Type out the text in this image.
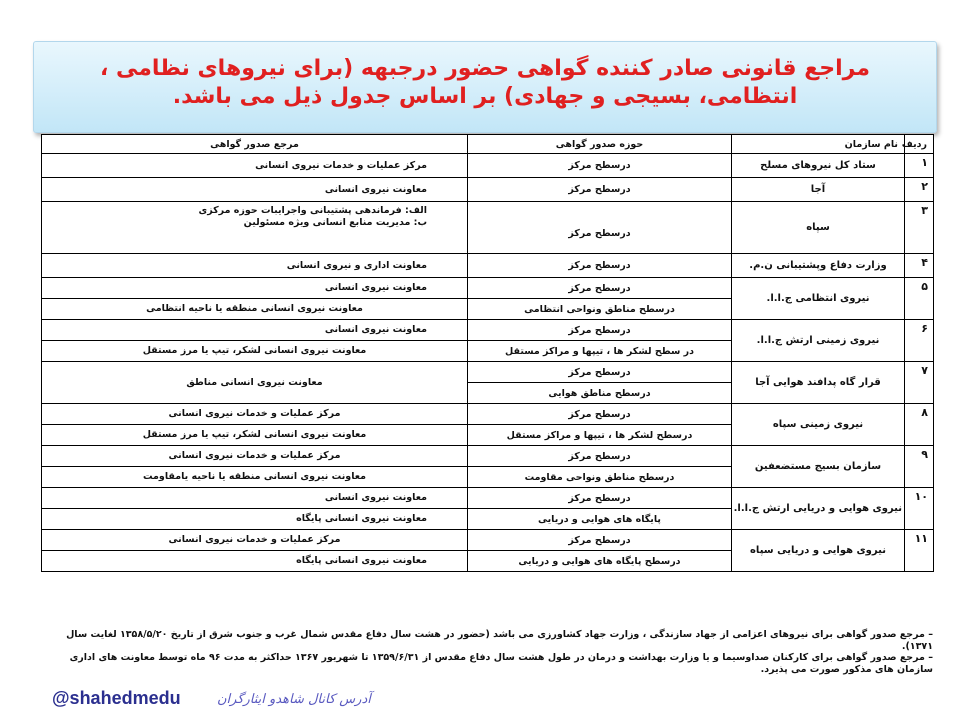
مراجع قانونی صادر کننده گواهی حضور درجبهه (برای نیروهای نظامی ،
انتظامی، بسیجی و جهادی) بر اساس جدول ذیل می باشد.
ردیف	نام سازمان	حوزه صدور گواهی	مرجع صدور گواهی
۱	ستاد کل نیروهای مسلح	درسطح مرکز	مرکز عملیات و خدمات نیروی انسانی
۲	آجا	درسطح مرکز	معاونت نیروی انسانی
۳	سپاه	درسطح مرکز	الف: فرماندهی پشتیبانی واجرایبات حوزه مرکزی
ب: مدیریت منابع انسانی ویژه مسئولین

۴	وزارت دفاع وپشتیبانی ن.م.	درسطح مرکز	معاونت اداری و نیروی انسانی
۵	نیروی انتظامی ج.ا.ا.	درسطح مرکز	معاونت نیروی انسانی
		درسطح مناطق ونواحی انتظامی	معاونت نیروی انسانی منطقه یا ناحیه انتظامی
۶	نیروی زمینی ارتش ج.ا.ا.	درسطح مرکز	معاونت نیروی انسانی
		در سطح لشکر ها ، تیپها و مراکز مستقل	معاونت نیروی انسانی لشکر، تیپ یا مرز مستقل
۷	قرار گاه پدافند هوایی آجا	درسطح مرکز	معاونت نیروی انسانی مناطق
		درسطح مناطق هوایی	
۸	نیروی زمینی سپاه	درسطح مرکز	مرکز عملیات و خدمات نیروی انسانی
		درسطح لشکر ها ، تیپها و مراکز مستقل	معاونت نیروی انسانی لشکر، تیپ یا مرز مستقل
۹	سازمان بسیج مستضعفین	درسطح مرکز	مرکز عملیات و خدمات نیروی انسانی
		درسطح مناطق ونواحی مقاومت	معاونت نیروی انسانی منطقه یا ناحیه یامقاومت
۱۰	نیروی هوایی و دریایی ارتش ج.ا.ا.	درسطح مرکز	معاونت نیروی انسانی
		پایگاه های هوایی و دریایی	معاونت نیروی انسانی پایگاه
۱۱	نیروی هوایی و دریایی سپاه	درسطح مرکز	مرکز عملیات و خدمات نیروی انسانی
		درسطح پایگاه های هوایی و دریایی	معاونت نیروی انسانی پایگاه

– مرجع صدور گواهی برای نیروهای اعزامی از جهاد سازندگی ، وزارت جهاد کشاورزی می باشد (حضور در هشت سال دفاع مقدس شمال غرب و جنوب شرق از تاریخ ۱۳۵۸/۵/۲۰ لغایت سال ۱۳۷۱).

– مرجع صدور گواهی برای کارکنان صداوسیما و یا وزارت بهداشت و درمان در طول هشت سال دفاع مقدس از ۱۳۵۹/۶/۳۱ تا شهریور ۱۳۶۷ حداکثر به مدت ۹۶ ماه توسط معاونت های اداری سازمان های مذکور صورت می پذیرد.

@shahedmedu	آدرس کانال شاهدو ایثارگران
